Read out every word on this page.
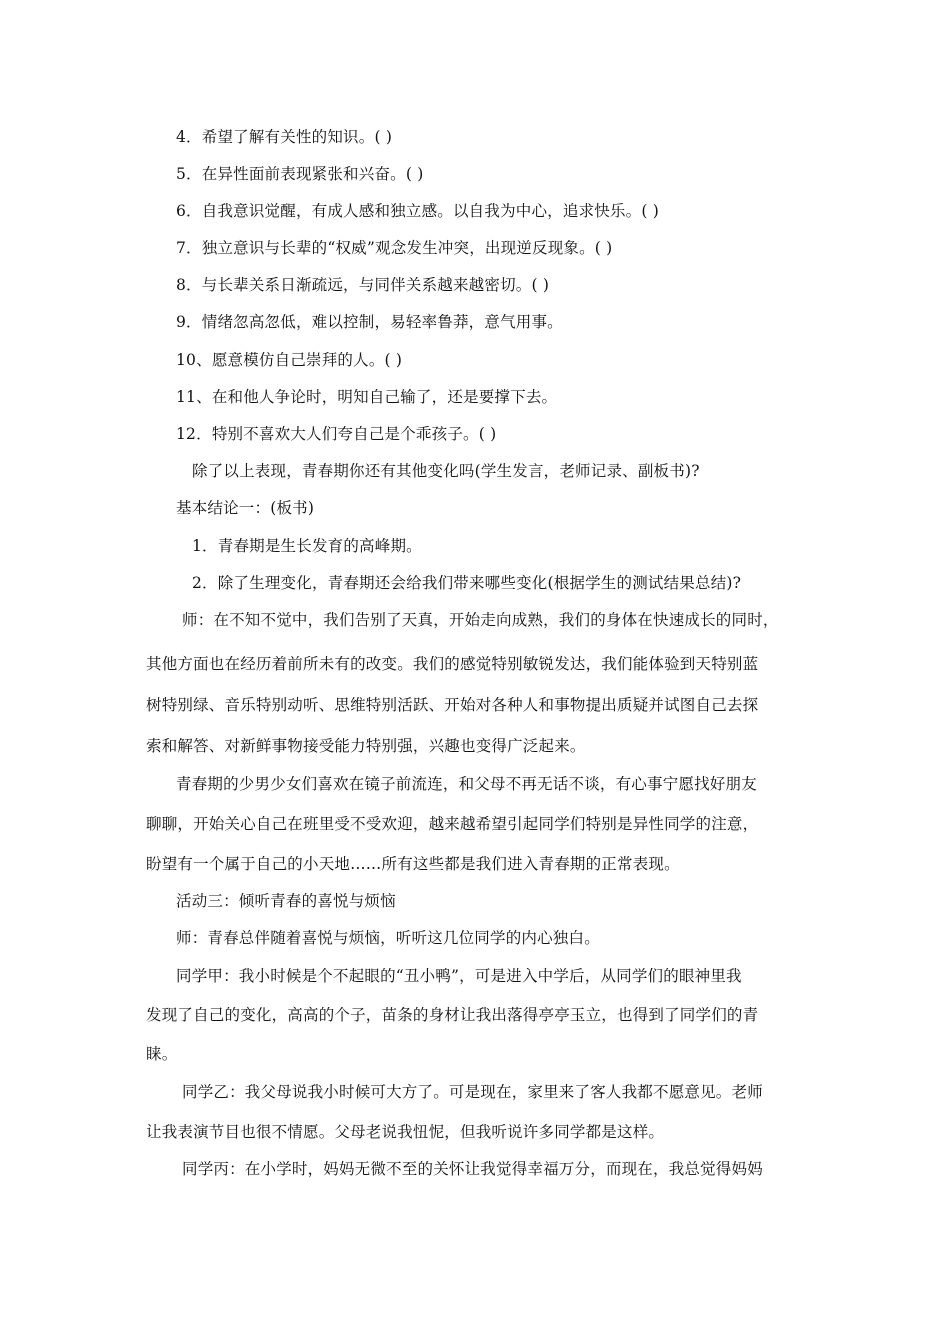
4．希望了解有关性的知识。( )
5．在异性面前表现紧张和兴奋。( )
6．自我意识觉醒，有成人感和独立感。以自我为中心，追求快乐。( )
7．独立意识与长辈的“权威”观念发生冲突，出现逆反现象。( )
8．与长辈关系日渐疏远，与同伴关系越来越密切。( )
9．情绪忽高忽低，难以控制，易轻率鲁莽，意气用事。
10、愿意模仿自己崇拜的人。( )
11、在和他人争论时，明知自己输了，还是要撑下去。
12．特别不喜欢大人们夸自己是个乖孩子。( )
除了以上表现，青春期你还有其他变化吗(学生发言，老师记录、副板书)?
基本结论一：(板书)
1．青春期是生长发育的高峰期。
2．除了生理变化，青春期还会给我们带来哪些变化(根据学生的测试结果总结)?
师：在不知不觉中，我们告别了天真，开始走向成熟，我们的身体在快速成长的同时，
其他方面也在经历着前所未有的改变。我们的感觉特别敏锐发达，我们能体验到天特别蓝
树特别绿、音乐特别动听、思维特别活跃、开始对各种人和事物提出质疑并试图自己去探
索和解答、对新鲜事物接受能力特别强，兴趣也变得广泛起来。
青春期的少男少女们喜欢在镜子前流连，和父母不再无话不谈，有心事宁愿找好朋友
聊聊，开始关心自己在班里受不受欢迎，越来越希望引起同学们特别是异性同学的注意，
盼望有一个属于自己的小天地……所有这些都是我们进入青春期的正常表现。
活动三：倾听青春的喜悦与烦恼
师：青春总伴随着喜悦与烦恼，听听这几位同学的内心独白。
同学甲：我小时候是个不起眼的“丑小鸭”，可是进入中学后，从同学们的眼神里我
发现了自己的变化，高高的个子，苗条的身材让我出落得亭亭玉立，也得到了同学们的青
睐。
同学乙：我父母说我小时候可大方了。可是现在，家里来了客人我都不愿意见。老师
让我表演节目也很不情愿。父母老说我忸怩，但我听说许多同学都是这样。
同学丙：在小学时，妈妈无微不至的关怀让我觉得幸福万分，而现在，我总觉得妈妈
